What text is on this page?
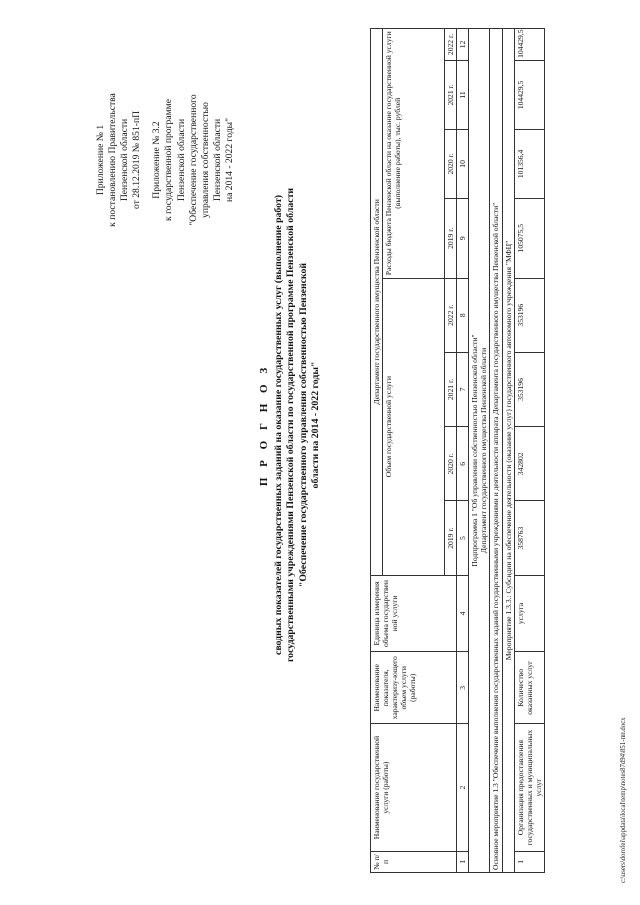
Приложение № 1 к постановлению Правительства Пензенской области от 28.12.2019 № 851-пП Приложение № 3.2 к государственной программе Пензенской области "Обеспечение государственного управления собственностью Пензенской области на 2014 - 2022 годы"
П Р О Г Н О З сводных показателей государственных заданий на оказание государственных услуг (выполнение работ) государственными учреждениями Пензенской области по государственной программе Пензенской области "Обеспечение государственного управления собственностью Пензенской области на 2014 - 2022 годы"
№ п/п	Наименование государственной услуги (работы)	Наименование показателя, характеризу-ющего объем услуги (работы)	Единица измерения объема государствен ной услуги	Департамент государственного имущества Пензенской области							
				Объем государственной услуги				Расходы бюджета Пензенской области на оказание государственной услуги (выполнение работы), тыс. рублей			
				2019 г.	2020 г.	2021 г.	2022 г.	2019 г.	2020 г.	2021 г.	2022 г.
1	2	3	4	5	6	7	8	9	10	11	12

Подпрограмма 1 "Об управлении собственностью Пензенской области" Департамент государственного имущества Пензенской области											

Основное мероприятие 1.3 "Обеспечение выполнения государственных заданий государственными учреждениями и деятельности аппарата Департамента государственного имущества Пензенской области"											
Мероприятие 1.3.3.: Субсидии на обеспечение деятельности (оказание услуг) государственного автономного учреждения "МФЦ"											
1	Организация предоставления государственных и муниципальных услуг	Количество оказанных услуг	услуга	358763	342802	353196	353196	105075,5	101356,4	104429,5	104429,5
c:\users\dorofei\appdata\local\temp\notes87d94\851-пп.docx
